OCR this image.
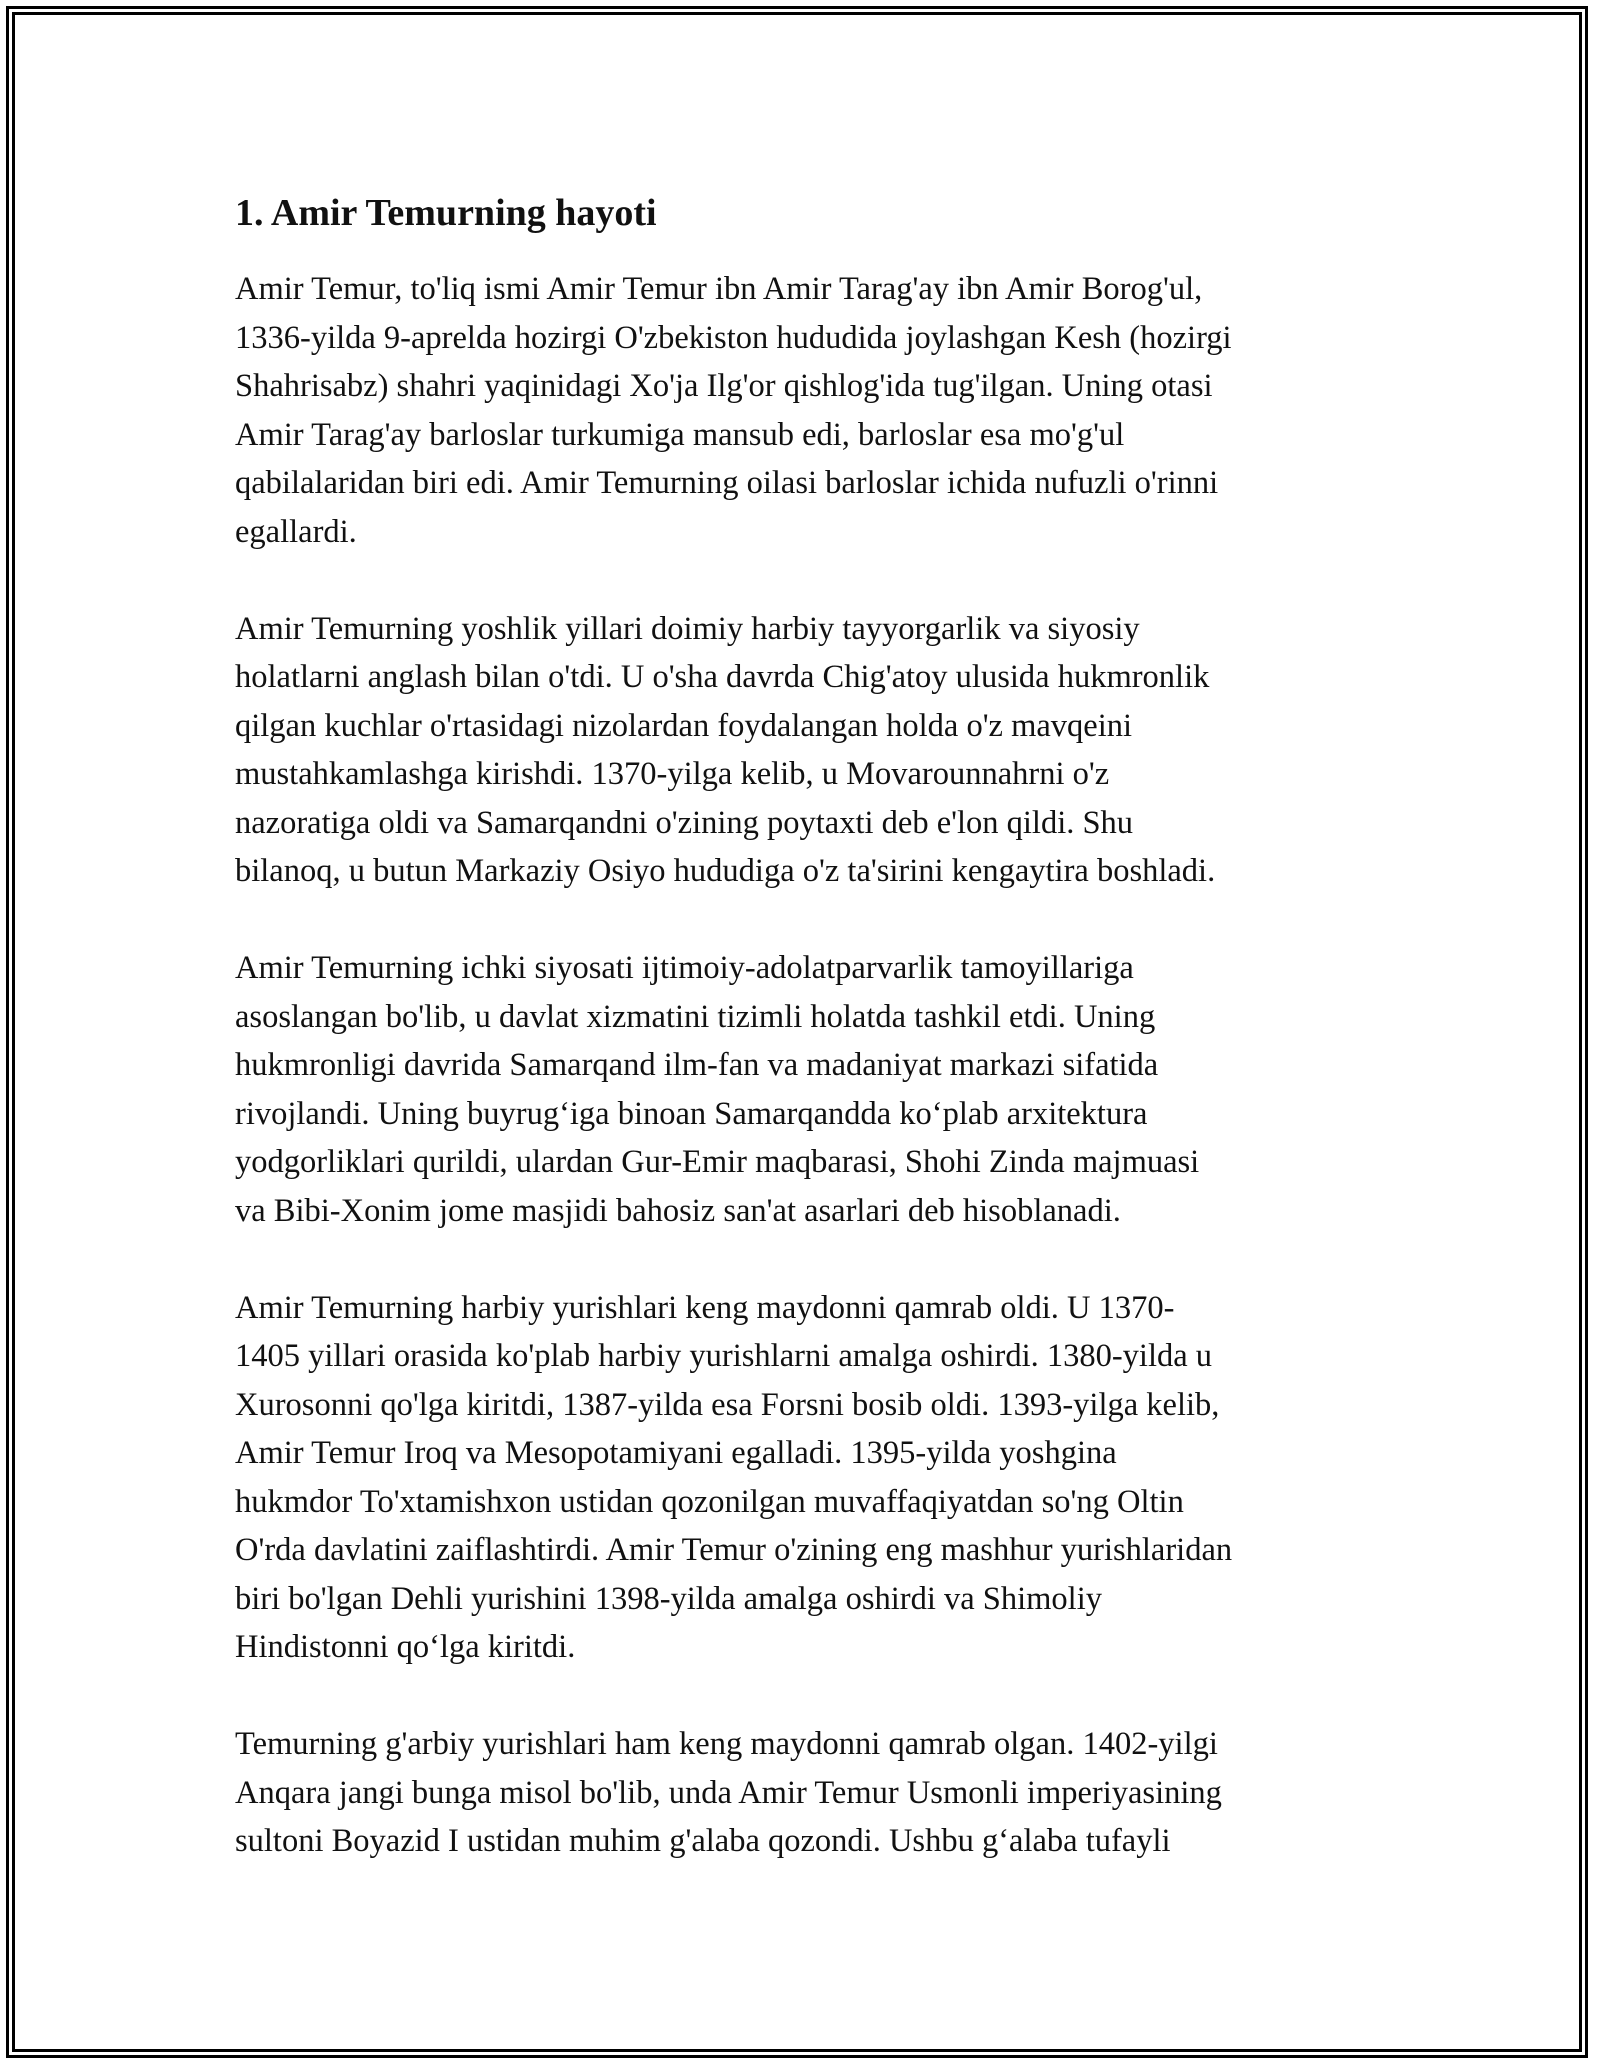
1. Amir Temurning hayoti

Amir Temur, to'liq ismi Amir Temur ibn Amir Tarag'ay ibn Amir Borog'ul,
1336-yilda 9-aprelda hozirgi O'zbekiston hududida joylashgan Kesh (hozirgi
Shahrisabz) shahri yaqinidagi Xo'ja Ilg'or qishlog'ida tug'ilgan. Uning otasi
Amir Tarag'ay barloslar turkumiga mansub edi, barloslar esa mo'g'ul
qabilalaridan biri edi. Amir Temurning oilasi barloslar ichida nufuzli o'rinni
egallardi.

Amir Temurning yoshlik yillari doimiy harbiy tayyorgarlik va siyosiy
holatlarni anglash bilan o'tdi. U o'sha davrda Chig'atoy ulusida hukmronlik
qilgan kuchlar o'rtasidagi nizolardan foydalangan holda o'z mavqeini
mustahkamlashga kirishdi. 1370-yilga kelib, u Movarounnahrni o'z
nazoratiga oldi va Samarqandni o'zining poytaxti deb e'lon qildi. Shu
bilanoq, u butun Markaziy Osiyo hududiga o'z ta'sirini kengaytira boshladi.

Amir Temurning ichki siyosati ijtimoiy-adolatparvarlik tamoyillariga
asoslangan bo'lib, u davlat xizmatini tizimli holatda tashkil etdi. Uning
hukmronligi davrida Samarqand ilm-fan va madaniyat markazi sifatida
rivojlandi. Uning buyrug‘iga binoan Samarqandda ko‘plab arxitektura
yodgorliklari qurildi, ulardan Gur-Emir maqbarasi, Shohi Zinda majmuasi
va Bibi-Xonim jome masjidi bahosiz san'at asarlari deb hisoblanadi.

Amir Temurning harbiy yurishlari keng maydonni qamrab oldi. U 1370-
1405 yillari orasida ko'plab harbiy yurishlarni amalga oshirdi. 1380-yilda u
Xurosonni qo'lga kiritdi, 1387-yilda esa Forsni bosib oldi. 1393-yilga kelib,
Amir Temur Iroq va Mesopotamiyani egalladi. 1395-yilda yoshgina
hukmdor To'xtamishxon ustidan qozonilgan muvaffaqiyatdan so'ng Oltin
O'rda davlatini zaiflashtirdi. Amir Temur o'zining eng mashhur yurishlaridan
biri bo'lgan Dehli yurishini 1398-yilda amalga oshirdi va Shimoliy
Hindistonni qo‘lga kiritdi.

Temurning g'arbiy yurishlari ham keng maydonni qamrab olgan. 1402-yilgi
Anqara jangi bunga misol bo'lib, unda Amir Temur Usmonli imperiyasining
sultoni Boyazid I ustidan muhim g'alaba qozondi. Ushbu g‘alaba tufayli
